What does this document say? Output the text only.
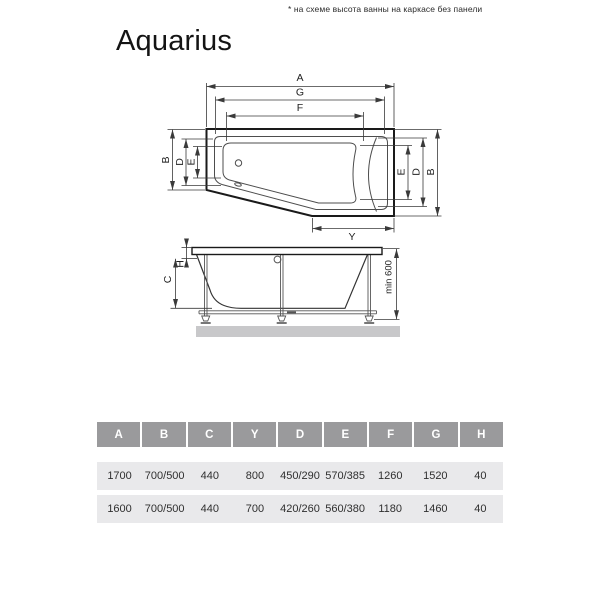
* на схеме высота ванны на каркасе без панели
Aquarius
A
G
F
B D E
E D B
Y
H
C	min 600
A	B	C	Y	D	E	F	G	H
1700	700/500	440	800	450/290 570/385	1260	1520	40
1600	700/500	440	700	420/260 560/380	1180	1460	40
